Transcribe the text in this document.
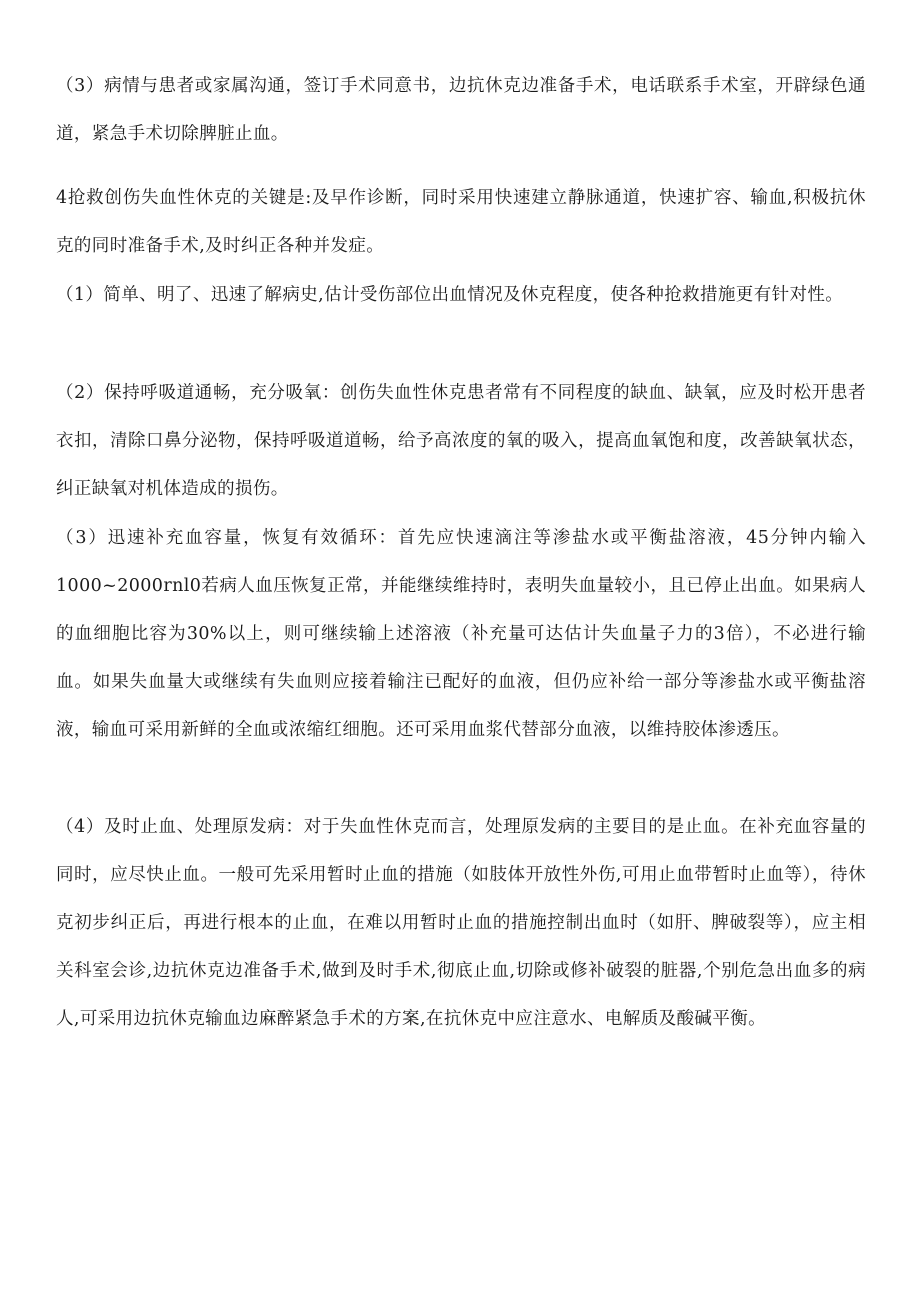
（3）病情与患者或家属沟通，签订手术同意书，边抗休克边准备手术，电话联系手术室，开辟绿色通道，紧急手术切除脾脏止血。

4抢救创伤失血性休克的关键是:及早作诊断，同时采用快速建立静脉通道，快速扩容、输血,积极抗休克的同时准备手术,及时纠正各种并发症。

（1）简单、明了、迅速了解病史,估计受伤部位出血情况及休克程度，使各种抢救措施更有针对性。

（2）保持呼吸道通畅，充分吸氧：创伤失血性休克患者常有不同程度的缺血、缺氧，应及时松开患者衣扣，清除口鼻分泌物，保持呼吸道道畅，给予高浓度的氧的吸入，提高血氧饱和度，改善缺氧状态，纠正缺氧对机体造成的损伤。

（3）迅速补充血容量，恢复有效循环：首先应快速滴注等渗盐水或平衡盐溶液，45分钟内输入1000~2000rnl0若病人血压恢复正常，并能继续维持时，表明失血量较小，且已停止出血。如果病人的血细胞比容为30%以上，则可继续输上述溶液（补充量可达估计失血量子力的3倍），不必进行输血。如果失血量大或继续有失血则应接着输注已配好的血液，但仍应补给一部分等渗盐水或平衡盐溶液，输血可采用新鲜的全血或浓缩红细胞。还可采用血浆代替部分血液，以维持胶体渗透压。

（4）及时止血、处理原发病：对于失血性休克而言，处理原发病的主要目的是止血。在补充血容量的同时，应尽快止血。一般可先采用暂时止血的措施（如肢体开放性外伤,可用止血带暂时止血等），待休克初步纠正后，再进行根本的止血，在难以用暂时止血的措施控制出血时（如肝、脾破裂等），应主相关科室会诊,边抗休克边准备手术,做到及时手术,彻底止血,切除或修补破裂的脏器,个别危急出血多的病人,可采用边抗休克输血边麻醉紧急手术的方案,在抗休克中应注意水、电解质及酸碱平衡。
